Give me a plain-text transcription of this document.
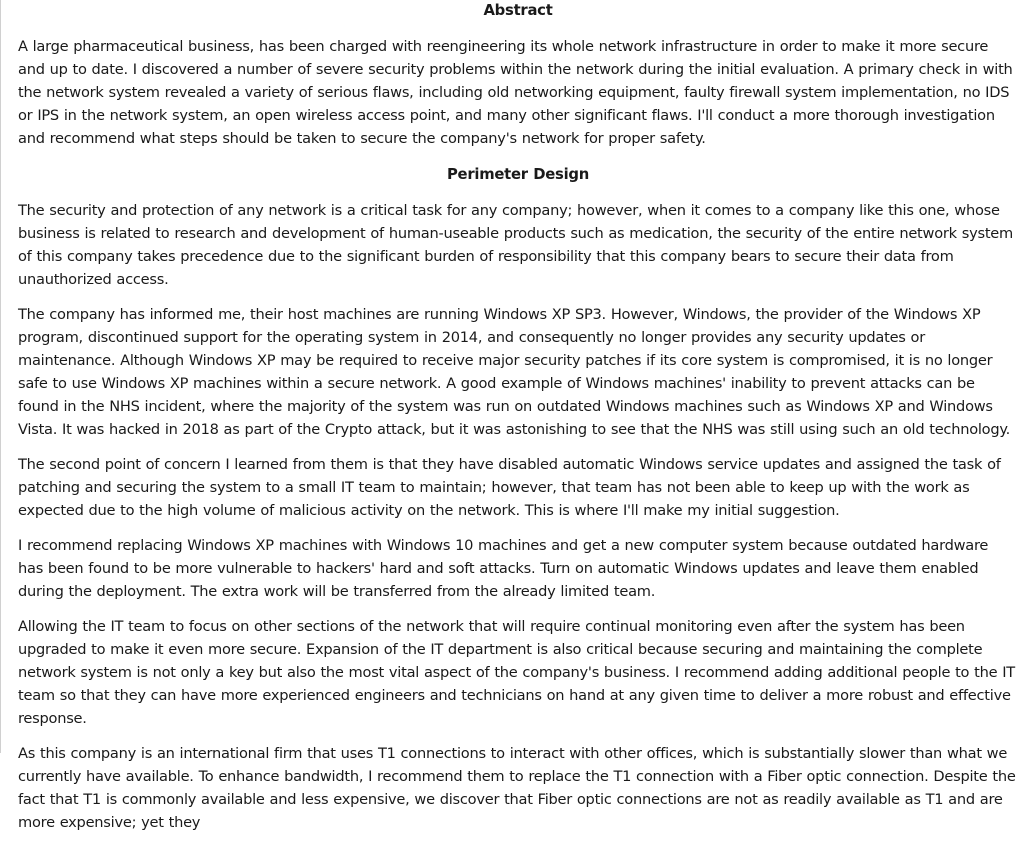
Abstract

A large pharmaceutical business, has been charged with reengineering its whole network infrastructure in order to make it more secure and up to date. I discovered a number of severe security problems within the network during the initial evaluation. A primary check in with the network system revealed a variety of serious flaws, including old networking equipment, faulty firewall system implementation, no IDS or IPS in the network system, an open wireless access point, and many other significant flaws. I'll conduct a more thorough investigation and recommend what steps should be taken to secure the company's network for proper safety.

Perimeter Design

The security and protection of any network is a critical task for any company; however, when it comes to a company like this one, whose business is related to research and development of human-useable products such as medication, the security of the entire network system of this company takes precedence due to the significant burden of responsibility that this company bears to secure their data from unauthorized access.

The company has informed me, their host machines are running Windows XP SP3. However, Windows, the provider of the Windows XP program, discontinued support for the operating system in 2014, and consequently no longer provides any security updates or maintenance. Although Windows XP may be required to receive major security patches if its core system is compromised, it is no longer safe to use Windows XP machines within a secure network. A good example of Windows machines' inability to prevent attacks can be found in the NHS incident, where the majority of the system was run on outdated Windows machines such as Windows XP and Windows Vista. It was hacked in 2018 as part of the Crypto attack, but it was astonishing to see that the NHS was still using such an old technology.

The second point of concern I learned from them is that they have disabled automatic Windows service updates and assigned the task of patching and securing the system to a small IT team to maintain; however, that team has not been able to keep up with the work as expected due to the high volume of malicious activity on the network. This is where I'll make my initial suggestion.

I recommend replacing Windows XP machines with Windows 10 machines and get a new computer system because outdated hardware has been found to be more vulnerable to hackers' hard and soft attacks. Turn on automatic Windows updates and leave them enabled during the deployment. The extra work will be transferred from the already limited team.

Allowing the IT team to focus on other sections of the network that will require continual monitoring even after the system has been upgraded to make it even more secure. Expansion of the IT department is also critical because securing and maintaining the complete network system is not only a key but also the most vital aspect of the company's business. I recommend adding additional people to the IT team so that they can have more experienced engineers and technicians on hand at any given time to deliver a more robust and effective response.

As this company is an international firm that uses T1 connections to interact with other offices, which is substantially slower than what we currently have available. To enhance bandwidth, I recommend them to replace the T1 connection with a Fiber optic connection. Despite the fact that T1 is commonly available and less expensive, we discover that Fiber optic connections are not as readily available as T1 and are more expensive; yet they
